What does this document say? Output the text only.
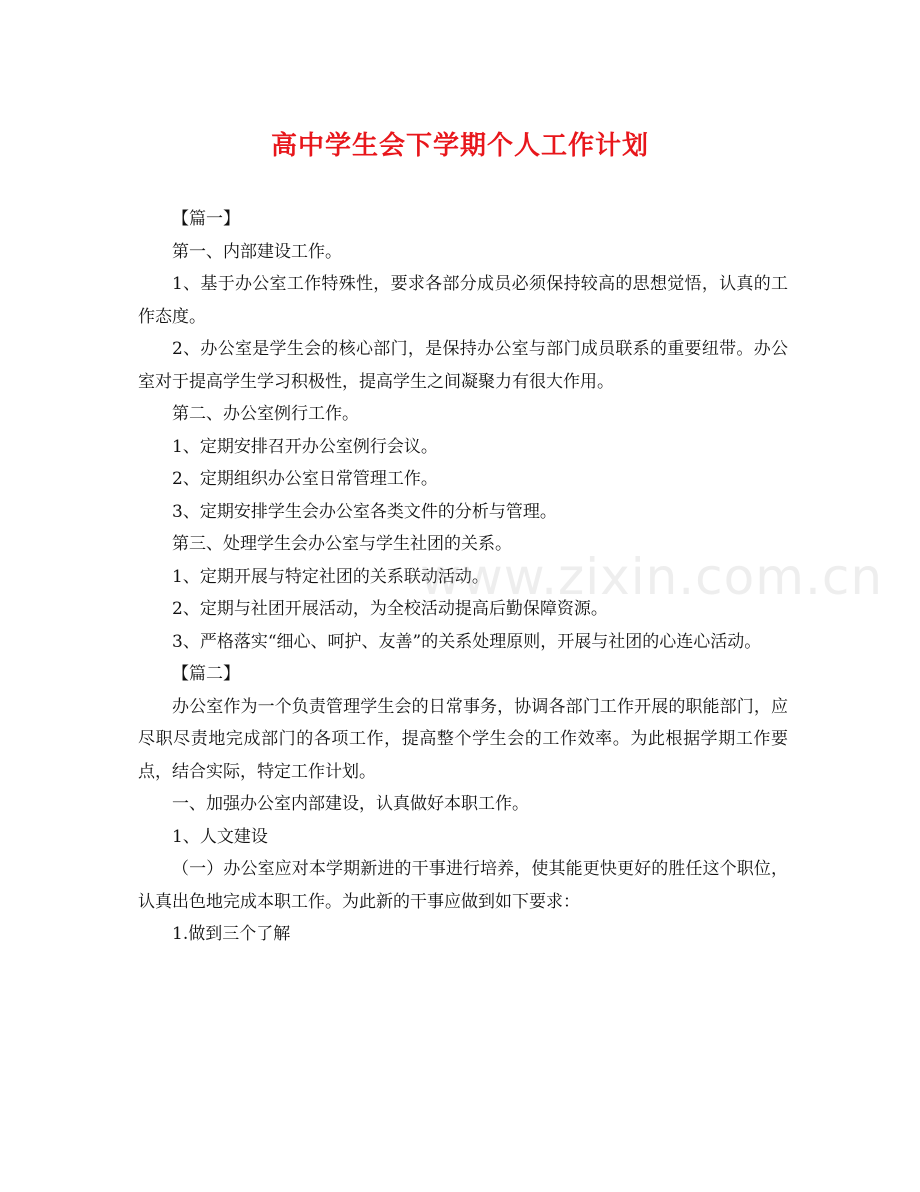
高中学生会下学期个人工作计划

【篇一】

第一、内部建设工作。

1、基于办公室工作特殊性，要求各部分成员必须保持较高的思想觉悟，认真的工作态度。

2、办公室是学生会的核心部门，是保持办公室与部门成员联系的重要纽带。办公室对于提高学生学习积极性，提高学生之间凝聚力有很大作用。

第二、办公室例行工作。

1、定期安排召开办公室例行会议。

2、定期组织办公室日常管理工作。

3、定期安排学生会办公室各类文件的分析与管理。

第三、处理学生会办公室与学生社团的关系。

1、定期开展与特定社团的关系联动活动。

2、定期与社团开展活动，为全校活动提高后勤保障资源。

3、严格落实“细心、呵护、友善”的关系处理原则，开展与社团的心连心活动。

【篇二】

办公室作为一个负责管理学生会的日常事务，协调各部门工作开展的职能部门，应尽职尽责地完成部门的各项工作，提高整个学生会的工作效率。为此根据学期工作要点，结合实际，特定工作计划。

一、加强办公室内部建设，认真做好本职工作。

1、人文建设

（一）办公室应对本学期新进的干事进行培养，使其能更快更好的胜任这个职位，认真出色地完成本职工作。为此新的干事应做到如下要求：

1.做到三个了解

www.zixin.com.cn
